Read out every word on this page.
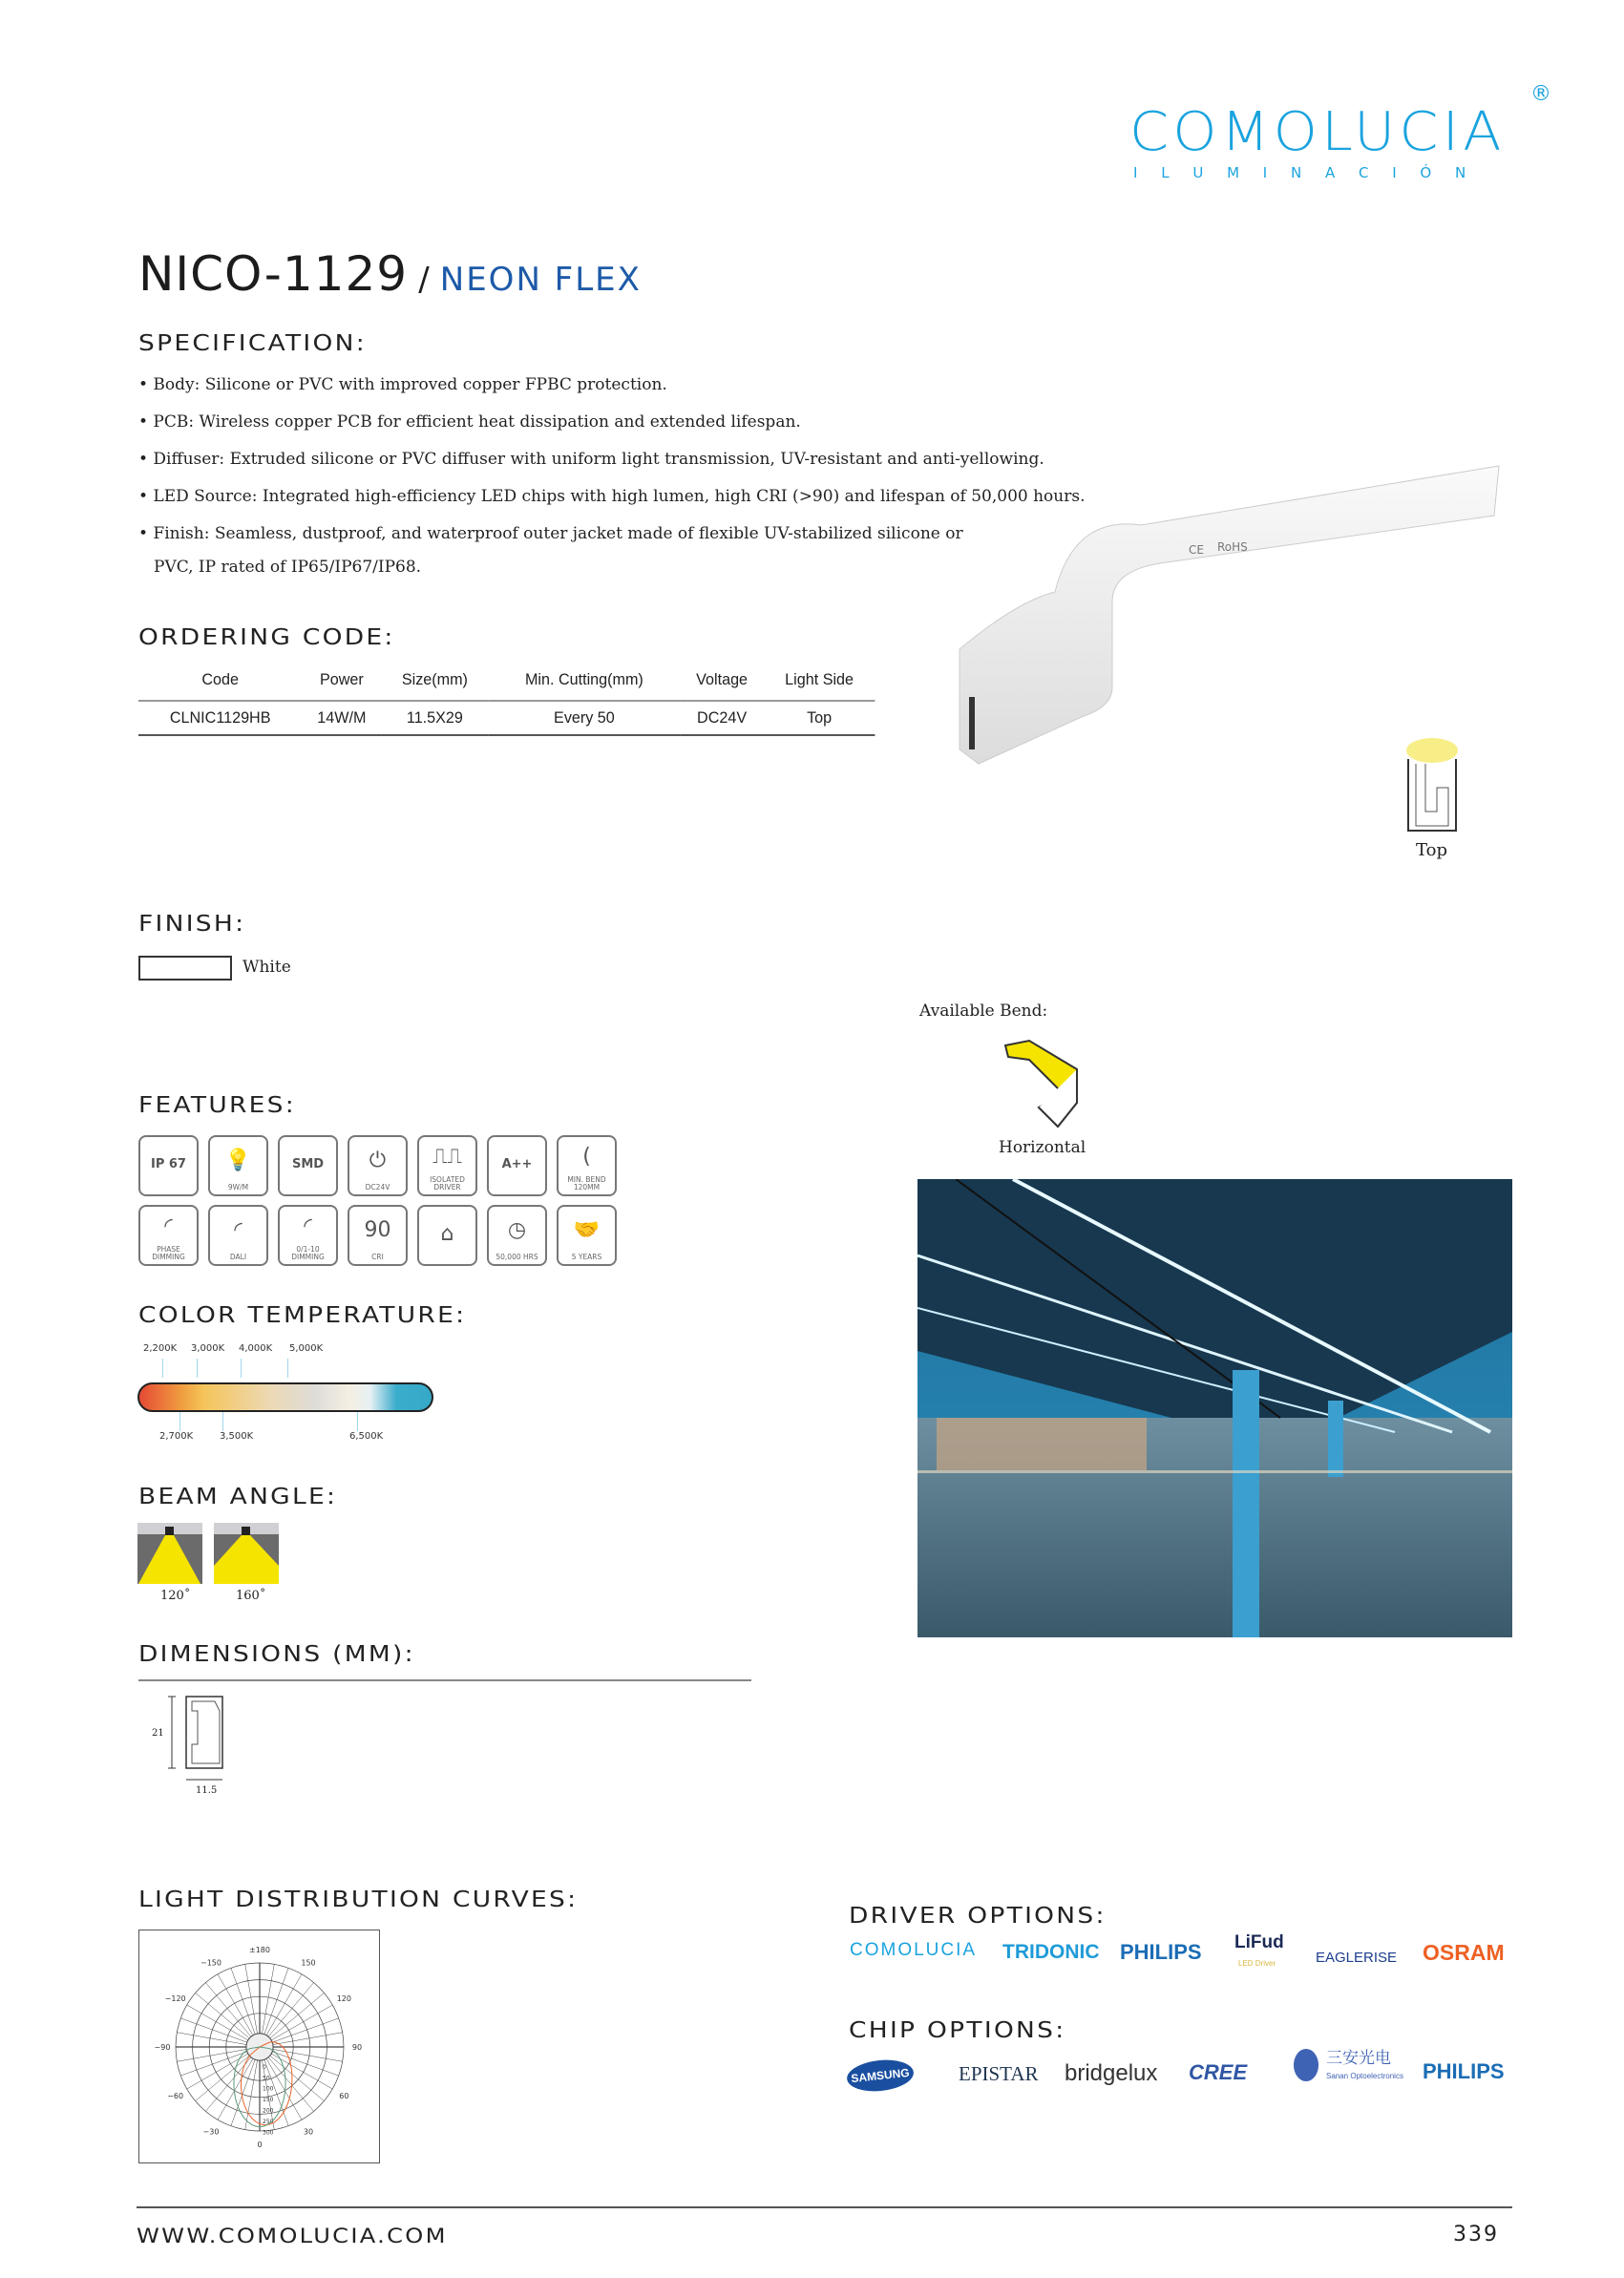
COMOLUCIA
I L U M I N A C I Ó N
®
NICO-1129 / NEON FLEX
SPECIFICATION:
• Body: Silicone or PVC with improved copper FPBC protection.
• PCB: Wireless copper PCB for efficient heat dissipation and extended lifespan.
• Diffuser: Extruded silicone or PVC diffuser with uniform light transmission, UV-resistant and anti-yellowing.
• LED Source: Integrated high-efficiency LED chips with high lumen, high CRI (>90) and lifespan of 50,000 hours.
• Finish: Seamless, dustproof, and waterproof outer jacket made of flexible UV-stabilized silicone or
PVC, IP rated of IP65/IP67/IP68.
ORDERING CODE:
Code	Power	Size(mm)	Min. Cutting(mm)	Voltage	Light Side
CLNIC1129HB	14W/M	11.5X29	Every 50	DC24V	Top
CE RoHS
Top
FINISH:
White
Available Bend:
Horizontal
FEATURES:
IP 67 💡
9W/M
SMD ⏻
DC24V
⎍⎍
ISOLATED DRIVER
A++ (
MIN. BEND 120MM
◜
PHASE DIMMING
◜
DALI
◜
0/1-10 DIMMING
90
CRI
⌂	◷
50,000 HRS
🤝
5 YEARS
COLOR TEMPERATURE:
2,200K 3,000K 4,000K 5,000K
2,700K	3,500K	6,500K
BEAM ANGLE:
120˚	160˚
DIMENSIONS (MM):
21
11.5
LIGHT DISTRIBUTION CURVES:
±180
−150	150
−120	120
−90	90
−60	60
−30	30
0
0
50
100
150
200
250
300
DRIVER OPTIONS:
COMOLUCIA TRIDONIC PHILIPS LiFud
LED Driver	EAGLERISE OSRAM
CHIP OPTIONS:
SAMSUNG EPISTAR bridgelux CREE
三安光电
Sanan Optoelectronics PHILIPS
WWW.COMOLUCIA.COM	339
